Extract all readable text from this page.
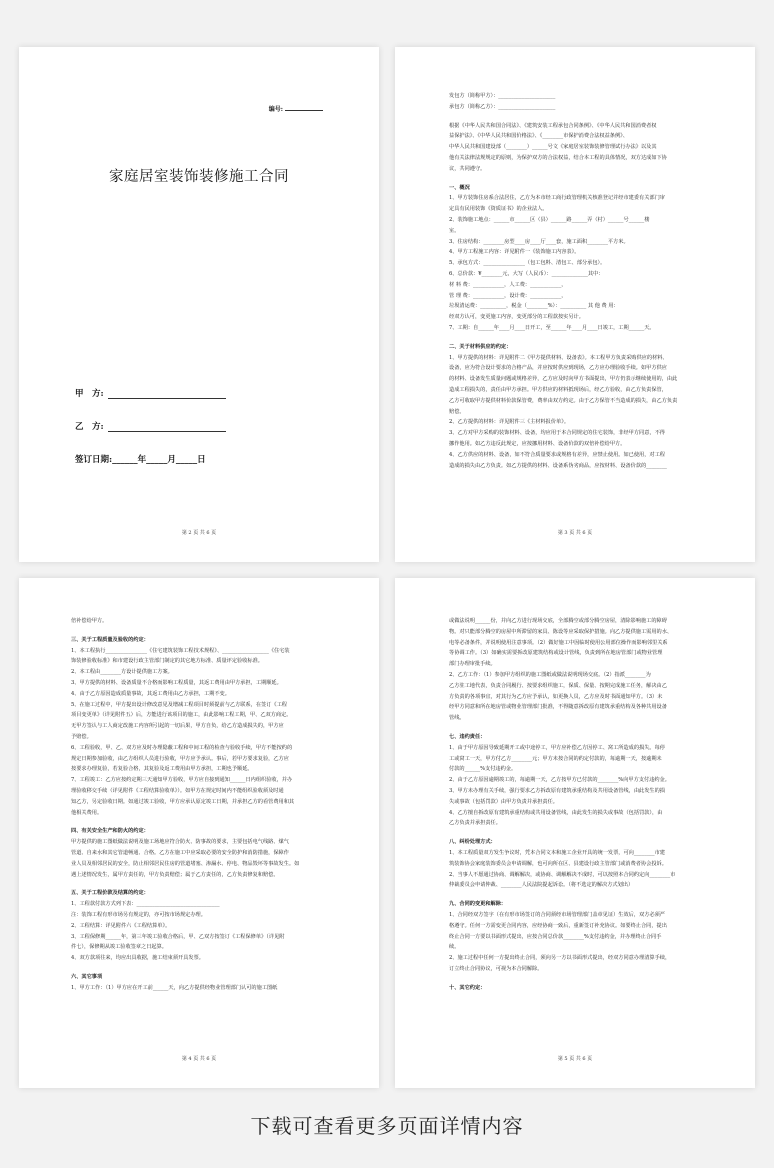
编号:
家庭居室装饰装修施工合同
甲　方:
乙　方:
签订日期:______年_____月_____日
第 2 页 共 6 页
发包方（简称甲方）：______________________
承包方（简称乙方）：______________________
根据《中华人民共和国合同法》、《建筑安装工程承包合同条例》、《中华人民共和国消费者权
益保护法》、《中华人民共和国价格法》、《________市保护消费合法权益条例》、
中华人民共和国建设部（________）______号文《家庭居室装饰装修管理试行办法》以及其
他有关法律法规规定的原则，为保护双方的合法权益，结合本工程的具体情况，双方达成如下协
议，共同遵守。
一、概况
1、甲方装饰住房系合法居住，乙方为本市经工商行政管理机关核准登记并经市建委有关部门审
定具有民用装饰《资质证书》的企业法人。
2、装饰施工地点：______市______区（县）______路______弄（村）______号______楼
室。
3、住房结构：________房型____房____厅____套，施工面积________平方米。
4、甲方工程施工内容：详见附件一《装饰施工内容表》。
5、承包方式：________________（包工包料、清包工、部分承包）。
6、总价款：¥________元，大写（人民币）：______________其中：
材 料 费：____________，人工费：____________，
管 理 费：____________，设计费：____________，
垃圾清运费：__________，税金（________%）：__________ 其 他 费 用：
经双方认可，变更施工内容，变更部分的工程款按实另计。
7、工期：自______年____月____日开工，至______年____月____日竣工，工期______天。
二、关于材料供应的约定：
1、甲方提供的材料：详见附件二《甲方提供材料、设备表》。本工程甲方负责采购供应的材料、
设备，应为符合设计要求的合格产品，并应按时供应到现场，乙方应办理验收手续。如甲方供应
的材料、设备发生质量问题或规格差异，乙方应及时向甲方书面提出，甲方仍表示继续使用的，由此
造成工程损失的，责任由甲方承担。甲方供应的材料抵现场后，经乙方验收，由乙方负责保管，
乙方可收取甲方提供材料价款保管费，费率由双方约定。由于乙方保管不当造成的损失，由乙方负责
赔偿。
2、乙方提供的材料：详见附件三《主材料报价单》。
3、乙方对甲方采购的装饰材料、设备，均应用于本合同规定的住宅装饰，非经甲方同意，不得
挪作他用。如乙方违反此规定，应按挪用材料、设备价款的双倍补偿给甲方。
4、乙方供应的材料、设备，如不符合质量要求或规格有差异，应禁止使用。如已使用，对工程
造成的损失由乙方负责。如乙方提供的材料、设备系伪劣商品，应按材料、设备价款的________
第 3 页 共 6 页
倍补偿给甲方。
三、关于工程质量及验收的约定：
1、本工程执行________________《住宅建筑装饰工程技术规程》、__________________《住宅装
饰装修验收标准》和市建设行政主管部门制定的其它地方标准、质量评定验收标准。
2、本工程由________方设计提供施工方案。
3、甲方提供的材料、设备质量不合格而影响工程质量，其返工费用由甲方承担，工期顺延。
4、由于乙方原因造成质量事故，其返工费用由乙方承担，工期不变。
5、在施工过程中，甲方提出设计修改意见及增减工程项目时须提前与乙方联系，在签订《工程
项目变更单》（详见附件五）后，方能进行该项目的施工，由此影响工程工期，甲、乙双方商定。
无甲方签认与工人商定改施工内容所引起的一切后果，甲方自负，给乙方造成损失的，甲方应
予赔偿。
6、工程验收，甲、乙、双方应及时办理隐蔽工程和中间工程的检查与验收手续，甲方不能按约的
规定日期参加验收，由乙方组织人员进行验收，甲方应予承认。事后，若甲方要求复验，乙方应
按要求办理复验，若复验合格，其复验及返工费用由甲方承担，工期也予顺延。
7、工程竣工：乙方应按约定期三天通知甲方验收，甲方应自接到通知______日内组织验收，并办
理验收移交手续（详见附件《工程结算验收单》）。如甲方在规定时间内不能组织验收须及时通
知乙方，另定验收日期。如通过竣工验收，甲方应承认原定竣工日期，并承担乙方的看管费用和其
他相关费用。
四、有关安全生产和防火的约定：
甲方提供的施工图纸做法说明及施工场地应符合防火、防事故的要求，主要包括电气线路、煤气
管道、自来水和其它管道畅通、合格。乙方在施工中应采取必要的安全防护和消防措施，保障作
业人员及相邻居民的安全，防止相邻居民住房的管道堵塞、渗漏水、停电、物品毁坏等事故发生。如
遇上述情况发生，属甲方责任的，甲方负责赔偿；属于乙方责任的，乙方负责修复和赔偿。
五、关于工程价款及结算的约定：
1、工程款付款方式列下表：________________________________
注：装饰工程有形市场另有规定的，亦可按市场规定办理。
2、工程结算：详见附件六《工程结算单》。
3、工程保修期______年，第三年竣工验收合格后，甲、乙双方按签订《工程保修单》（详见附
件七），保修期从竣工验收签章之日起算。
4、双方款项往来，均应出具收据，施工结束须开具发票。
六、其它事项
1、甲方工作：（1）甲方应在开工前______天，向乙方提供经物业管理部门认可的施工图纸
第 4 页 共 6 页
或做法说明______份，并向乙方进行现场交底，全部腾空或部分腾空房屋，清除影响施工的障碍
物。对只能部分腾空的房屋中所滞留的家具、陈设等应采取保护措施。向乙方提供施工需用的水、
电等必备条件，并说明使用注意事项。（2）做好施工中因临时使用公用部位操作而影响邻里关系
等协调工作。（3）如确实需要拆改原建筑结构或设计管线，负责到所在地房管部门或物业管理
部门办理审批手续。
2、乙方工作：（1）参加甲方组织的施工图纸或做法说明现场交底。（2）指派________为
乙方驻工地代表，负责合同履行、按要求组织施工，保质、保量、按期完成施工任务，解决由乙
方负责的各项事宜，对其行为乙方应予承认，如更换人员，乙方应及时书面通知甲方。（3）未
经甲方同意和所在地房管或物业管理部门批准，不得随意拆改原有建筑承重结构及各种共用设备
管线。
七、违约责任：
1、由于甲方原因导致延期开工或中途停工，甲方应补偿乙方因停工、窝工所造成的损失。每停
工或窝工一天，甲方付乙方________元；甲方未按合同的约定付款的，每逾期一天，按逾期未
付款的______%支付违约金。
2、由于乙方原因逾期竣工的，每逾期一天，乙方按甲方已付款的________%向甲方支付违约金。
3、甲方未办理有关手续，强行要求乙方拆改原有建筑承重结构及共用设备管线，由此发生的损
失或事故（包括罚款）由甲方负责并承担责任。
4、乙方擅自拆改原有建筑承重结构或共用设备管线，由此发生的损失或事故（包括罚款），由
乙方负责并承担责任。
八、纠纷处理方式：
1、本工程质量双方发生争议时，凭本合同文本和施工企业开具的统一发票，可向________市建
筑装饰协会家庭装饰委员会申请调解，也可向所在区、县建设行政主管部门或消费者协会投诉。
2、当事人不愿通过协商、调解解决，或协商、调解解决不成时，可以按照本合同约定向________市
仲裁委员会申请仲裁、________人民法院提起诉讼。（将不选定的解决方式划出）
九、合同的变更和解除：
1、合同经双方签字（在有形市场签订的合同须经市场管理部门盖章见证）生效后，双方必须严
格遵守。任何一方需变更合同内容，应经协商一致后，重新签订补充协议。如要终止合同，提出
终止合同一方要以书面形式提出，应按合同总价款________%支付违约金，并办理终止合同手
续。
2、施工过程中任何一方提出终止合同，须向另一方以书面形式提出，经双方同意办理清算手续，
订立终止合同协议，可视为本合同解除。
十、其它约定：
第 5 页 共 6 页
下载可查看更多页面详情内容
